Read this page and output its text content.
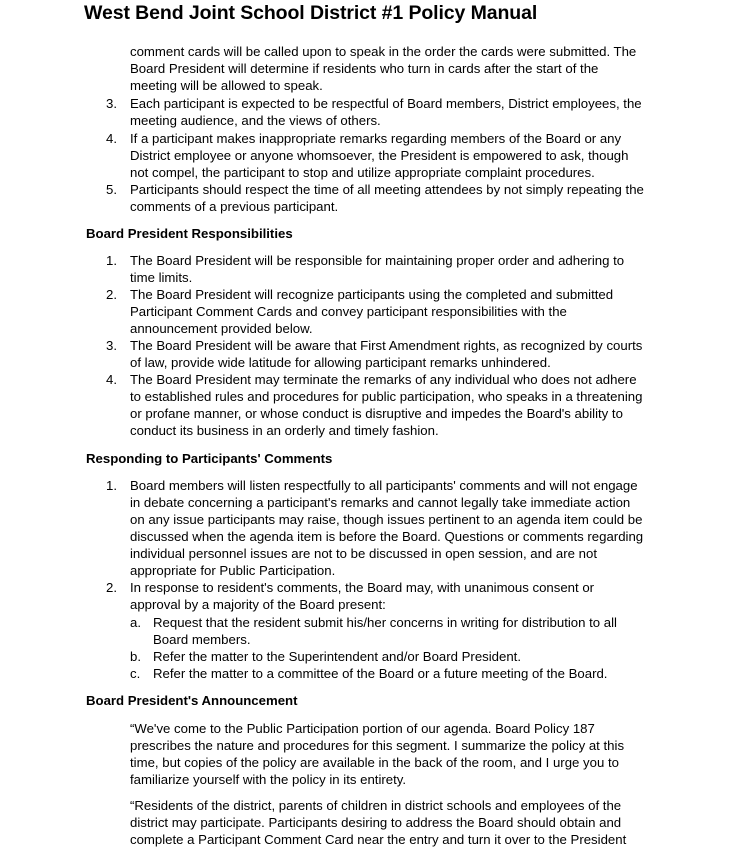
West Bend Joint School District #1 Policy Manual
comment cards will be called upon to speak in the order the cards were submitted. The
Board President will determine if residents who turn in cards after the start of the
meeting will be allowed to speak.
3. Each participant is expected to be respectful of Board members, District employees, the
meeting audience, and the views of others.
4. If a participant makes inappropriate remarks regarding members of the Board or any
District employee or anyone whomsoever, the President is empowered to ask, though
not compel, the participant to stop and utilize appropriate complaint procedures.
5. Participants should respect the time of all meeting attendees by not simply repeating the
comments of a previous participant.
Board President Responsibilities
1. The Board President will be responsible for maintaining proper order and adhering to
time limits.
2. The Board President will recognize participants using the completed and submitted
Participant Comment Cards and convey participant responsibilities with the
announcement provided below.
3. The Board President will be aware that First Amendment rights, as recognized by courts
of law, provide wide latitude for allowing participant remarks unhindered.
4. The Board President may terminate the remarks of any individual who does not adhere
to established rules and procedures for public participation, who speaks in a threatening
or profane manner, or whose conduct is disruptive and impedes the Board's ability to
conduct its business in an orderly and timely fashion.
Responding to Participants' Comments
1. Board members will listen respectfully to all participants' comments and will not engage
in debate concerning a participant's remarks and cannot legally take immediate action
on any issue participants may raise, though issues pertinent to an agenda item could be
discussed when the agenda item is before the Board. Questions or comments regarding
individual personnel issues are not to be discussed in open session, and are not
appropriate for Public Participation.
2. In response to resident's comments, the Board may, with unanimous consent or
approval by a majority of the Board present:
a. Request that the resident submit his/her concerns in writing for distribution to all
Board members.
b. Refer the matter to the Superintendent and/or Board President.
c. Refer the matter to a committee of the Board or a future meeting of the Board.
Board President's Announcement
“We've come to the Public Participation portion of our agenda. Board Policy 187
prescribes the nature and procedures for this segment. I summarize the policy at this
time, but copies of the policy are available in the back of the room, and I urge you to
familiarize yourself with the policy in its entirety.
“Residents of the district, parents of children in district schools and employees of the
district may participate. Participants desiring to address the Board should obtain and
complete a Participant Comment Card near the entry and turn it over to the President
